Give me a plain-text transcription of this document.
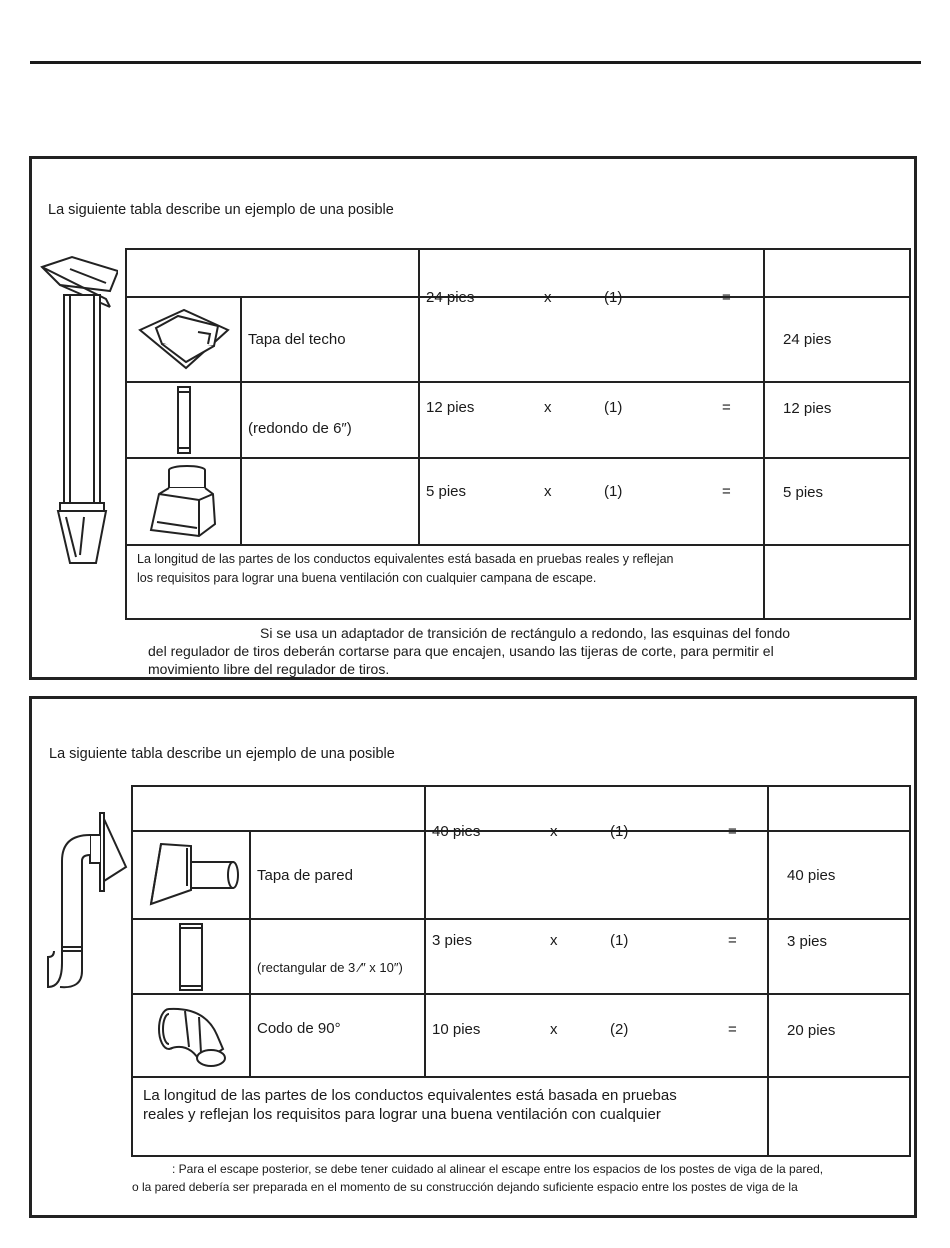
La siguiente tabla describe un ejemplo de una posible

	Tapa del techo	24 pies x (1) =	24 pies

	(redondo de 6″)	12 pies x (1) =	12 pies

5 pies x (1) =	5 pies

La longitud de las partes de los conductos equivalentes está basada en pruebas reales y reflejan
los requisitos para lograr una buena ventilación con cualquier campana de escape.			

Si se usa un adaptador de transición de rectángulo a redondo, las esquinas del fondo
del regulador de tiros deberán cortarse para que encajen, usando las tijeras de corte, para permitir el
movimiento libre del regulador de tiros.
La siguiente tabla describe un ejemplo de una posible

	Tapa de pared	40 pies x (1) =	40 pies

	(rectangular de 3 ⁄″ x 10″)	3 pies x (1) =	3 pies

	Codo de 90°	10 pies x (2) =	20 pies

La longitud de las partes de los conductos equivalentes está basada en pruebas
reales y reflejan los requisitos para lograr una buena ventilación con cualquier			

: Para el escape posterior, se debe tener cuidado al alinear el escape entre los espacios de los postes de viga de la pared,
o la pared debería ser preparada en el momento de su construcción dejando suficiente espacio entre los postes de viga de la
